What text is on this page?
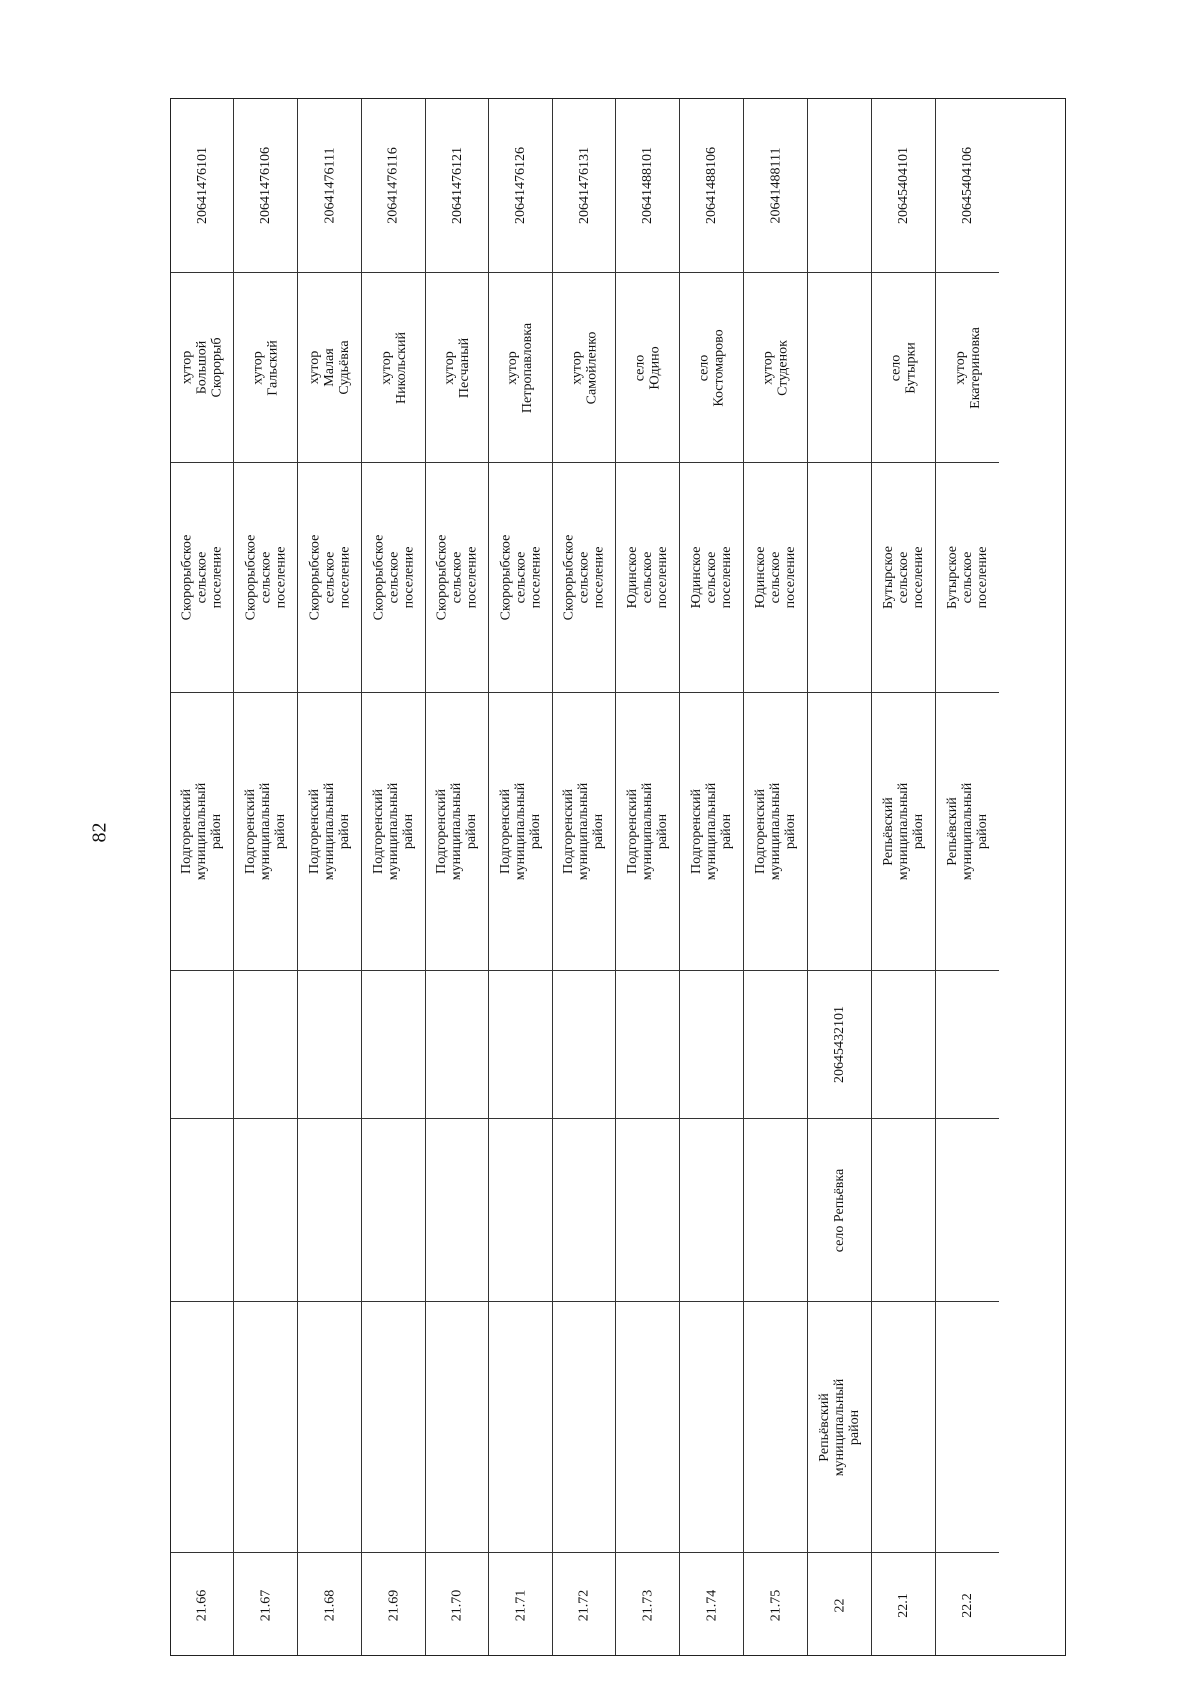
82
20641476101
хутор Большой Скорорыб
Скорорыбское сельское поселение
Подгоренский муниципальный район
21.66
20641476106
хутор Гальский
Скорорыбское сельское поселение
Подгоренский муниципальный район
21.67
20641476111
хутор Малая Судьёвка
Скорорыбское сельское поселение
Подгоренский муниципальный район
21.68
20641476116
хутор Никольский
Скорорыбское сельское поселение
Подгоренский муниципальный район
21.69
20641476121
хутор Песчаный
Скорорыбское сельское поселение
Подгоренский муниципальный район
21.70
20641476126
хутор Петропавловка
Скорорыбское сельское поселение
Подгоренский муниципальный район
21.71
20641476131
хутор Самойленко
Скорорыбское сельское поселение
Подгоренский муниципальный район
21.72
20641488101
село Юдино
Юдинское сельское поселение
Подгоренский муниципальный район
21.73
20641488106
село Костомарово
Юдинское сельское поселение
Подгоренский муниципальный район
21.74
20641488111
хутор Студенок
Юдинское сельское поселение
Подгоренский муниципальный район
21.75
20645432101
село Репьёвка
Репьёвский муниципальный район
22
20645404101
село Бутырки
Бутырское сельское поселение
Репьёвский муниципальный район
22.1
20645404106
хутор Екатериновка
Бутырское сельское поселение
Репьёвский муниципальный район
22.2
